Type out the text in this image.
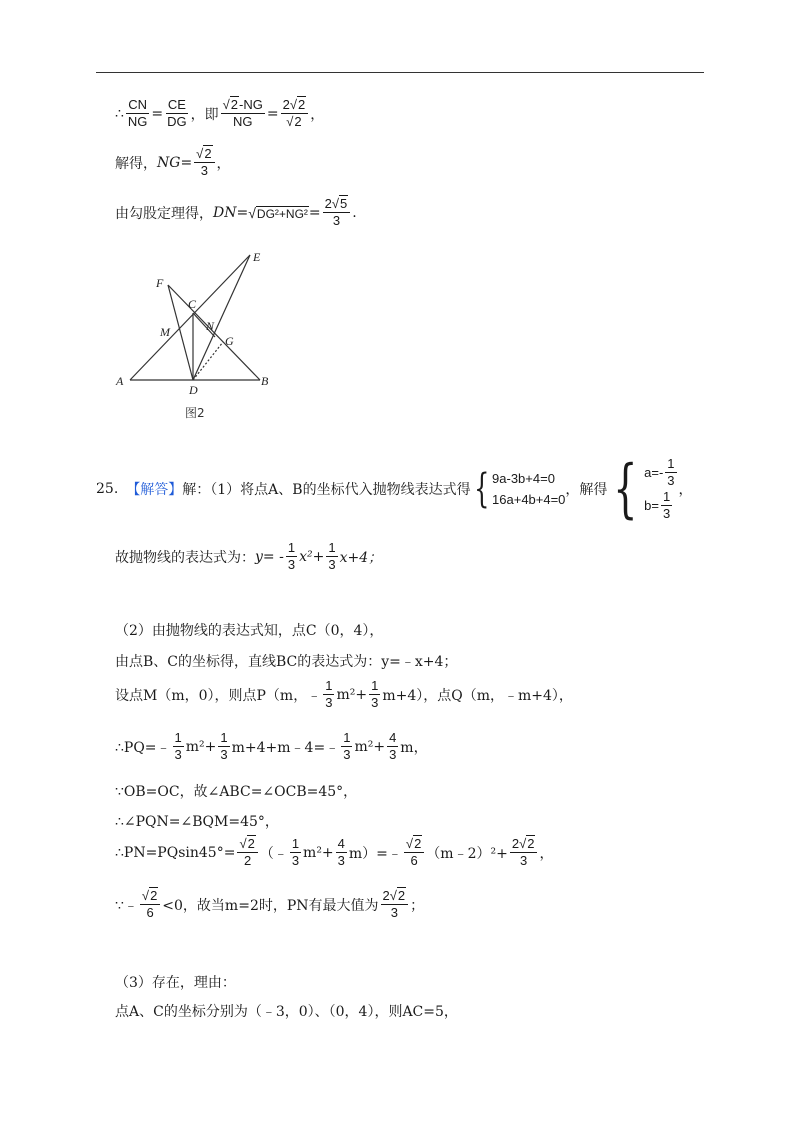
∴ $\frac{CN}{NG} = \frac{CE}{DG}$ ，即 $\frac{√2-NG}{NG} = \frac{2√2}{√2}$ ，
解得， NG = $\frac{√2}{3}$ ，
由勾股定理得， DN = $√DG^2+NG^2 = \frac{2√5}{3}$ .
E
F
C
M	N
G
A
D
B
图2
25. 【解答】 解：（1）将点A、B的坐标代入抛物线表达式得 { 9a-3b+4=0
16a+4b+4=0
，解得 { $a=- \frac{1}{3}$
$b= \frac{1}{3}$ ，
故抛物线的表达式为： y = - $\frac{1}{3} x^2+ \frac{1}{3} x+4$；
（2）由抛物线的表达式知，点C（0，4），
由点B、C的坐标得，直线BC的表达式为：y=﹣x+4；
设点M（m，0），则点P（m，﹣ $\frac{1}{3} m^2+ \frac{1}{3} m+4$），点Q（m，﹣m+4），
∴PQ=﹣ $\frac{1}{3} m^2+ \frac{1}{3}$ m+4+m﹣4=﹣ $\frac{1}{3} m^2+ \frac{4}{3}$ m，
∵OB=OC，故∠ABC=∠OCB=45°，
∴∠PQN=∠BQM=45°，
∴PN=PQsin45°= $\frac{√2}{2}$ （﹣ $\frac{1}{3} m^2+ \frac{4}{3}$ m）=﹣ $\frac{√2}{6}$ （m﹣2）²+ $\frac{2√2}{3}$ ，
∵﹣ $\frac{√2}{6} <0$，故当m=2时，PN有最大值为 $\frac{2√2}{3}$ ；
（3）存在，理由：
点A、C的坐标分别为（﹣3，0）、（0，4），则AC=5，
